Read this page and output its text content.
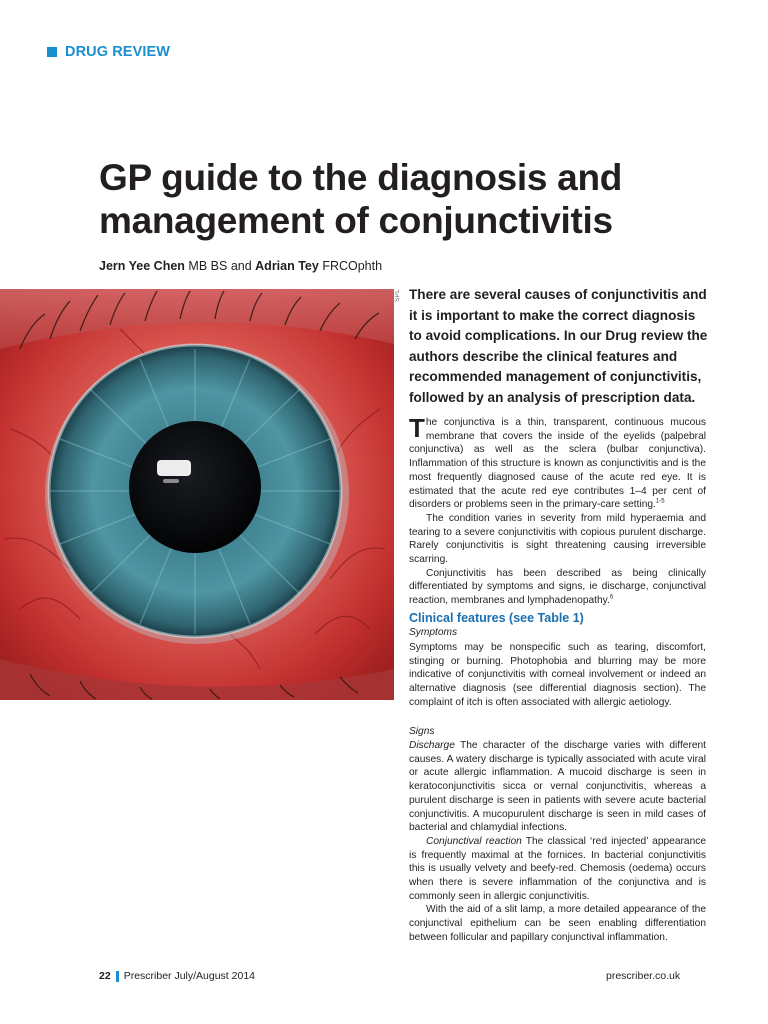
DRUG REVIEW
GP guide to the diagnosis and
management of conjunctivitis
Jern Yee Chen MB BS and Adrian Tey FRCOphth
SPL There are several causes of conjunctivitis and it is important to make the correct diagnosis to avoid complications. In our Drug review the authors describe the clinical features and recommended management of conjunctivitis, followed by an analysis of prescription data.

The conjunctiva is a thin, transparent, continuous mucous membrane that covers the inside of the eyelids (palpebral conjunctiva) as well as the sclera (bulbar conjunctiva). Inflammation of this structure is known as conjunctivitis and is the most frequently diagnosed cause of the acute red eye. It is estimated that the acute red eye contributes 1–4 per cent of disorders or problems seen in the primary-care setting.$^{1-5}$

The condition varies in severity from mild hyperaemia and tearing to a severe conjunctivitis with copious purulent discharge. Rarely conjunctivitis is sight threatening causing irreversible scarring.

Conjunctivitis has been described as being clinically differentiated by symptoms and signs, ie discharge, conjunctival reaction, membranes and lymphadenopathy.$^6$

Clinical features (see Table 1)
Symptoms
Symptoms may be nonspecific such as tearing, discomfort, stinging or burning. Photophobia and blurring may be more indicative of conjunctivitis with corneal involvement or indeed an alternative diagnosis (see differential diagnosis section). The complaint of itch is often associated with allergic aetiology.
Signs

Discharge The character of the discharge varies with different causes. A watery discharge is typically associated with acute viral or acute allergic inflammation. A mucoid discharge is seen in keratoconjunctivitis sicca or vernal conjunctivitis, whereas a purulent discharge is seen in patients with severe acute bacterial conjunctivitis. A mucopurulent discharge is seen in mild cases of bacterial and chlamydial infections.

Conjunctival reaction The classical ‘red injected’ appearance is frequently maximal at the fornices. In bacterial conjunctivitis this is usually velvety and beefy-red. Chemosis (oedema) occurs when there is severe inflammation of the conjunctiva and is commonly seen in allergic conjunctivitis.

With the aid of a slit lamp, a more detailed appearance of the conjunctival epithelium can be seen enabling differentiation between follicular and papillary conjunctival inflammation.

22 Prescriber July/August 2014	prescriber.co.uk
